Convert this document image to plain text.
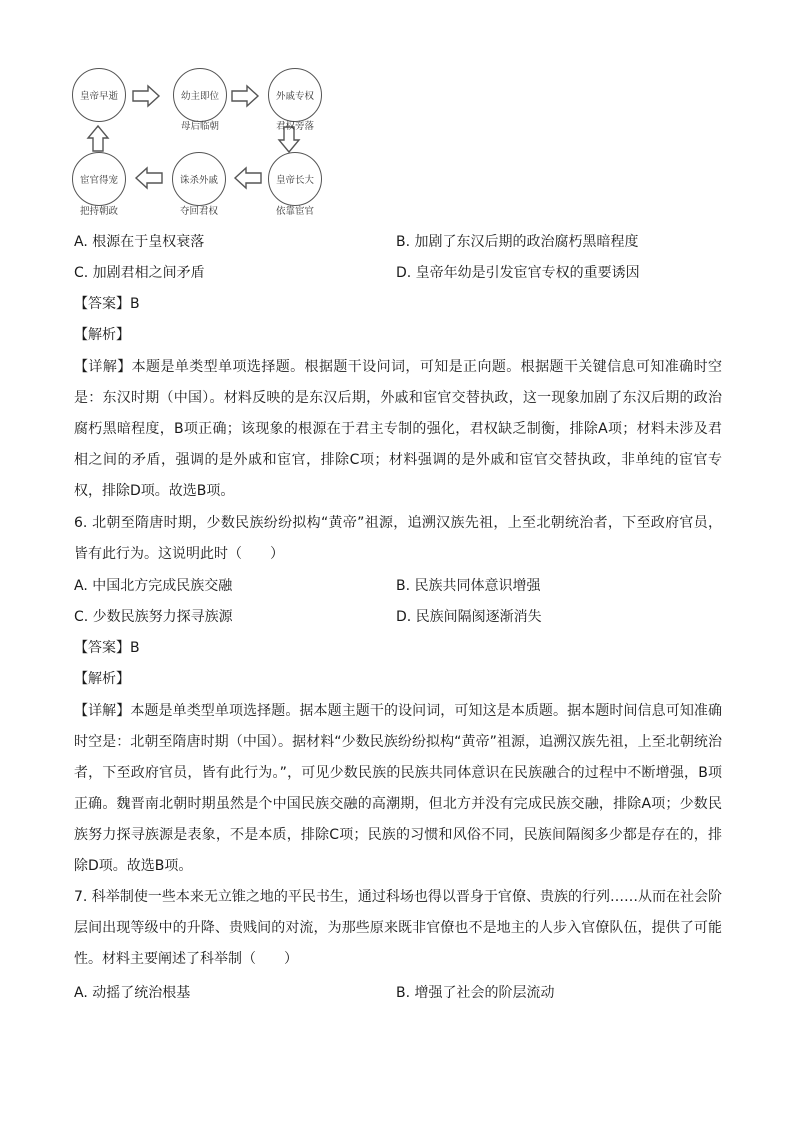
皇帝早逝	幼主即位
母后临朝
外戚专权
君权旁落
皇帝长大
依靠宦官
诛杀外戚
夺回君权
宦官得宠
把持朝政
A. 根源在于皇权衰落	B. 加剧了东汉后期的政治腐朽黑暗程度
C. 加剧君相之间矛盾	D. 皇帝年幼是引发宦官专权的重要诱因
【答案】B
【解析】
【详解】本题是单类型单项选择题。根据题干设问词，可知是正向题。根据题干关键信息可知准确时空是：东汉时期（中国）。材料反映的是东汉后期，外戚和宦官交替执政，这一现象加剧了东汉后期的政治腐朽黑暗程度，B项正确；该现象的根源在于君主专制的强化，君权缺乏制衡，排除A项；材料未涉及君相之间的矛盾，强调的是外戚和宦官，排除C项；材料强调的是外戚和宦官交替执政，非单纯的宦官专权，排除D项。故选B项。
6. 北朝至隋唐时期，少数民族纷纷拟构“黄帝”祖源，追溯汉族先祖，上至北朝统治者，下至政府官员，皆有此行为。这说明此时（　　）
A. 中国北方完成民族交融	B. 民族共同体意识增强
C. 少数民族努力探寻族源	D. 民族间隔阂逐渐消失
【答案】B
【解析】
【详解】本题是单类型单项选择题。据本题主题干的设问词，可知这是本质题。据本题时间信息可知准确时空是：北朝至隋唐时期（中国）。据材料“少数民族纷纷拟构“黄帝”祖源，追溯汉族先祖，上至北朝统治者，下至政府官员，皆有此行为。”，可见少数民族的民族共同体意识在民族融合的过程中不断增强，B项正确。魏晋南北朝时期虽然是个中国民族交融的高潮期，但北方并没有完成民族交融，排除A项；少数民族努力探寻族源是表象，不是本质，排除C项；民族的习惯和风俗不同，民族间隔阂多少都是存在的，排除D项。故选B项。
7. 科举制使一些本来无立锥之地的平民书生，通过科场也得以晋身于官僚、贵族的行列……从而在社会阶层间出现等级中的升降、贵贱间的对流，为那些原来既非官僚也不是地主的人步入官僚队伍，提供了可能性。材料主要阐述了科举制（　　）
A. 动摇了统治根基	B. 增强了社会的阶层流动
